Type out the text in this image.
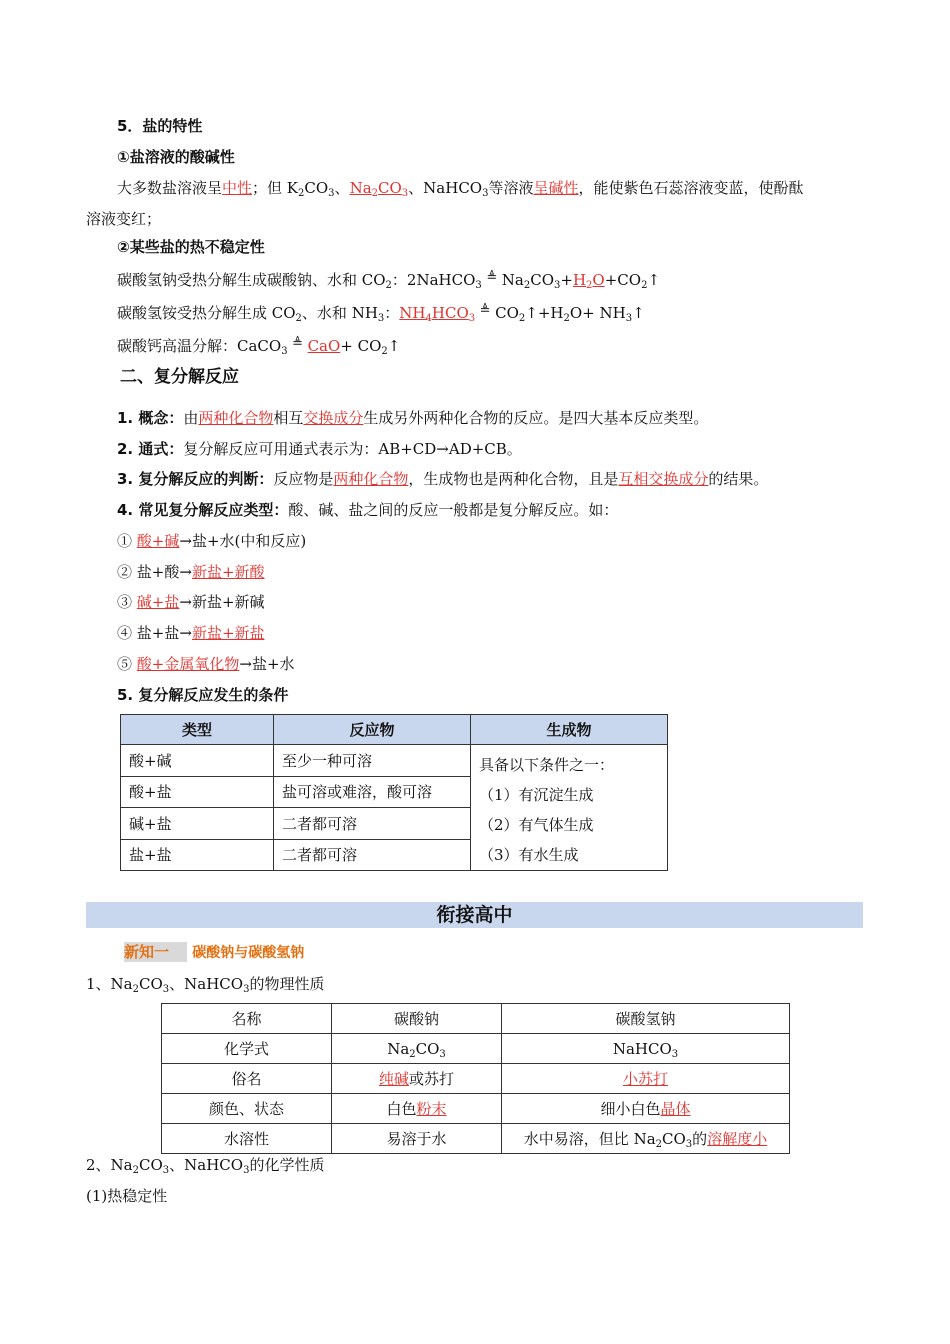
5．盐的特性
①盐溶液的酸碱性
大多数盐溶液呈中性；但 $K_2CO_3$、$Na_2CO_3$、NaHCO$_3$等溶液呈碱性，能使紫色石蕊溶液变蓝，使酚酞
溶液变红；
②某些盐的热不稳定性
碳酸氢钠受热分解生成碳酸钠、水和 $CO_2$：2NaHCO$_3$≜ $Na_2CO_3+H_2O+CO_2↑$
碳酸氢铵受热分解生成 $CO_2$、水和 $NH_3$：$NH_4HCO_3≜$ $CO_2↑+H_2O+$ $NH_3↑$
碳酸钙高温分解：CaCO$_3$≜ $CaO+ CO_2↑$
二、复分解反应
1. 概念：由两种化合物相互交换成分生成另外两种化合物的反应。是四大基本反应类型。
2. 通式：复分解反应可用通式表示为：AB+CD→AD+CB。
3. 复分解反应的判断：反应物是两种化合物，生成物也是两种化合物，且是互相交换成分的结果。
4. 常见复分解反应类型：酸、碱、盐之间的反应一般都是复分解反应。如：
① 酸+碱→盐+水(中和反应)
② 盐+酸→新盐+新酸
③ 碱+盐→新盐+新碱
④ 盐+盐→新盐+新盐
⑤ 酸+金属氧化物→盐+水
5. 复分解反应发生的条件
类型	反应物	生成物
酸+碱	至少一种可溶	具备以下条件之一：
（1）有沉淀生成
（2）有气体生成
（3）有水生成

酸+盐	盐可溶或难溶，酸可溶	
碱+盐	二者都可溶	
盐+盐	二者都可溶	
衔接高中
新知一 碳酸钠与碳酸氢钠
1、$Na_2CO_3$、NaHCO$_3$的物理性质
名称	碳酸钠	碳酸氢钠
化学式	$Na_2CO_3$	NaHCO$_3$
俗名	纯碱或苏打	小苏打
颜色、状态	白色粉末	细小白色晶体
水溶性	易溶于水	水中易溶，但比 $Na_2CO_3$的溶解度小
2、$Na_2CO_3$、NaHCO$_3$的化学性质
(1)热稳定性
